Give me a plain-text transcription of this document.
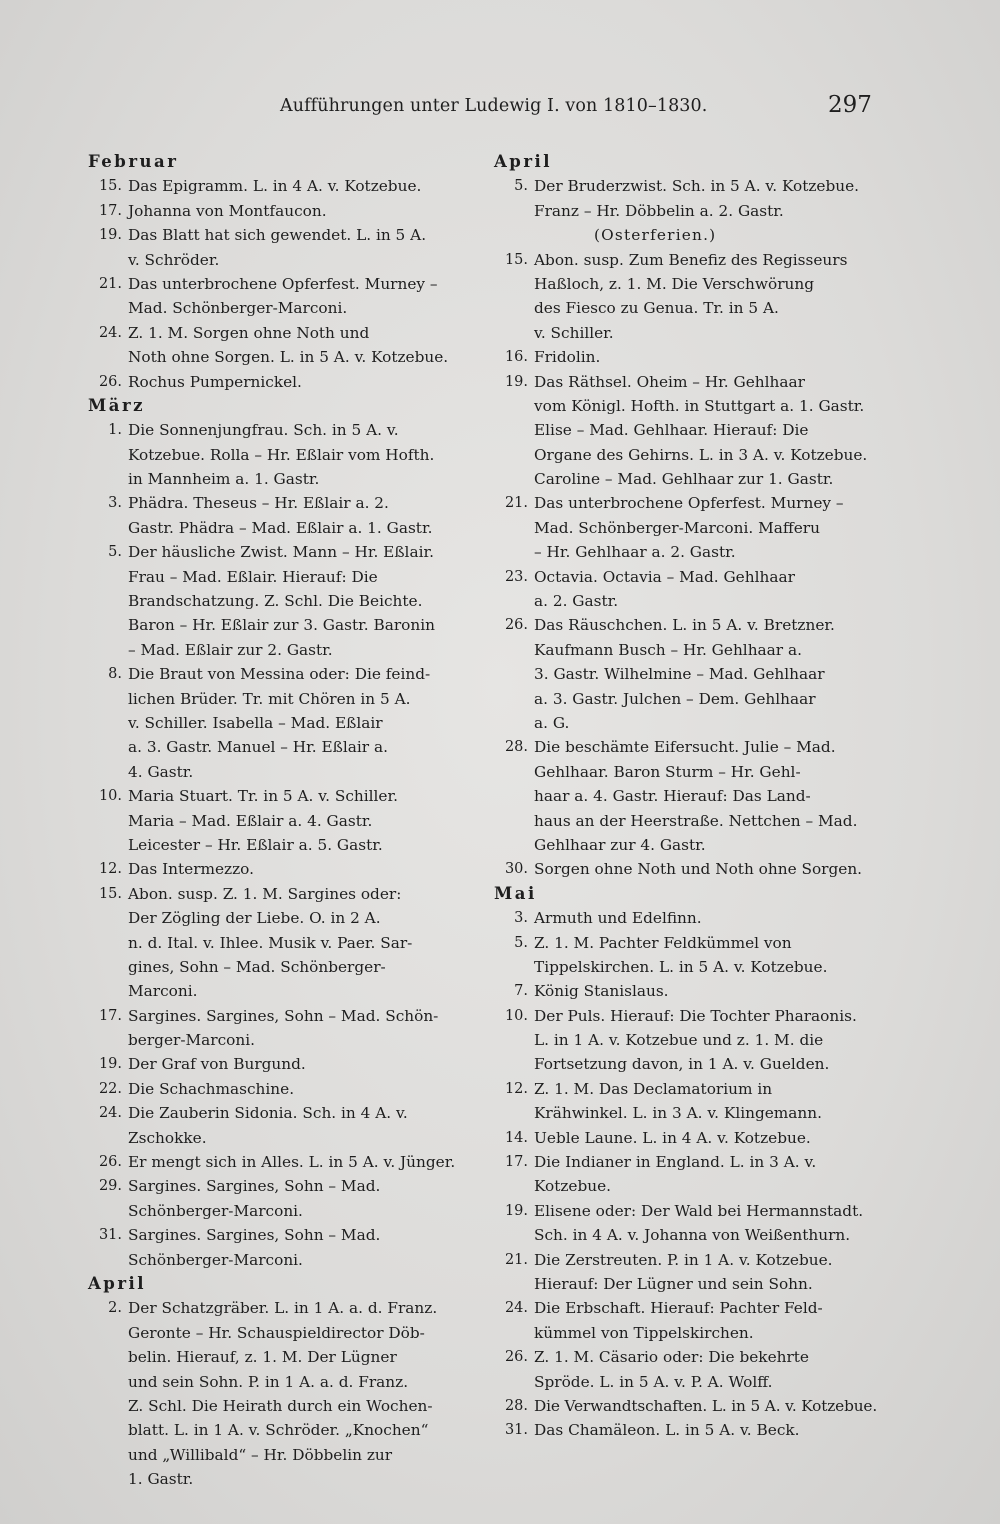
Aufführungen unter Ludewig I. von 1810–1830.	297
Februar
15. Das Epigramm. L. in 4 A. v. Kotzebue.
17. Johanna von Montfaucon.
19. Das Blatt hat sich gewendet. L. in 5 A.
v. Schröder.
21. Das unterbrochene Opferfest. Murney –
Mad. Schönberger-Marconi.
24. Z. 1. M. Sorgen ohne Noth und
Noth ohne Sorgen. L. in 5 A. v. Kotzebue.
26. Rochus Pumpernickel.
März
1. Die Sonnenjungfrau. Sch. in 5 A. v.
Kotzebue. Rolla – Hr. Eßlair vom Hofth.
in Mannheim a. 1. Gastr.
3. Phädra. Theseus – Hr. Eßlair a. 2.
Gastr. Phädra – Mad. Eßlair a. 1. Gastr.
5. Der häusliche Zwist. Mann – Hr. Eßlair.
Frau – Mad. Eßlair. Hierauf: Die
Brandschatzung. Z. Schl. Die Beichte.
Baron – Hr. Eßlair zur 3. Gastr. Baronin
– Mad. Eßlair zur 2. Gastr.
8. Die Braut von Messina oder: Die feind-
lichen Brüder. Tr. mit Chören in 5 A.
v. Schiller. Isabella – Mad. Eßlair
a. 3. Gastr. Manuel – Hr. Eßlair a.
4. Gastr.
10. Maria Stuart. Tr. in 5 A. v. Schiller.
Maria – Mad. Eßlair a. 4. Gastr.
Leicester – Hr. Eßlair a. 5. Gastr.
12. Das Intermezzo.
15. Abon. susp. Z. 1. M. Sargines oder:
Der Zögling der Liebe. O. in 2 A.
n. d. Ital. v. Ihlee. Musik v. Paer. Sar-
gines, Sohn – Mad. Schönberger-
Marconi.
17. Sargines. Sargines, Sohn – Mad. Schön-
berger-Marconi.
19. Der Graf von Burgund.
22. Die Schachmaschine.
24. Die Zauberin Sidonia. Sch. in 4 A. v.
Zschokke.
26. Er mengt sich in Alles. L. in 5 A. v. Jünger.
29. Sargines. Sargines, Sohn – Mad.
Schönberger-Marconi.
31. Sargines. Sargines, Sohn – Mad.
Schönberger-Marconi.
April
2. Der Schatzgräber. L. in 1 A. a. d. Franz.
Geronte – Hr. Schauspieldirector Döb-
belin. Hierauf, z. 1. M. Der Lügner
und sein Sohn. P. in 1 A. a. d. Franz.
Z. Schl. Die Heirath durch ein Wochen-
blatt. L. in 1 A. v. Schröder. „Knochen“
und „Willibald“ – Hr. Döbbelin zur
1. Gastr.
April
5. Der Bruderzwist. Sch. in 5 A. v. Kotzebue.
Franz – Hr. Döbbelin a. 2. Gastr.
(Osterferien.)
15. Abon. susp. Zum Benefiz des Regisseurs
Haßloch, z. 1. M. Die Verschwörung
des Fiesco zu Genua. Tr. in 5 A.
v. Schiller.
16. Fridolin.
19. Das Räthsel. Oheim – Hr. Gehlhaar
vom Königl. Hofth. in Stuttgart a. 1. Gastr.
Elise – Mad. Gehlhaar. Hierauf: Die
Organe des Gehirns. L. in 3 A. v. Kotzebue.
Caroline – Mad. Gehlhaar zur 1. Gastr.
21. Das unterbrochene Opferfest. Murney –
Mad. Schönberger-Marconi. Mafferu
– Hr. Gehlhaar a. 2. Gastr.
23. Octavia. Octavia – Mad. Gehlhaar
a. 2. Gastr.
26. Das Räuschchen. L. in 5 A. v. Bretzner.
Kaufmann Busch – Hr. Gehlhaar a.
3. Gastr. Wilhelmine – Mad. Gehlhaar
a. 3. Gastr. Julchen – Dem. Gehlhaar
a. G.
28. Die beschämte Eifersucht. Julie – Mad.
Gehlhaar. Baron Sturm – Hr. Gehl-
haar a. 4. Gastr. Hierauf: Das Land-
haus an der Heerstraße. Nettchen – Mad.
Gehlhaar zur 4. Gastr.
30. Sorgen ohne Noth und Noth ohne Sorgen.
Mai
3. Armuth und Edelfinn.
5. Z. 1. M. Pachter Feldkümmel von
Tippelskirchen. L. in 5 A. v. Kotzebue.
7. König Stanislaus.
10. Der Puls. Hierauf: Die Tochter Pharaonis.
L. in 1 A. v. Kotzebue und z. 1. M. die
Fortsetzung davon, in 1 A. v. Guelden.
12. Z. 1. M. Das Declamatorium in
Krähwinkel. L. in 3 A. v. Klingemann.
14. Ueble Laune. L. in 4 A. v. Kotzebue.
17. Die Indianer in England. L. in 3 A. v.
Kotzebue.
19. Elisene oder: Der Wald bei Hermannstadt.
Sch. in 4 A. v. Johanna von Weißenthurn.
21. Die Zerstreuten. P. in 1 A. v. Kotzebue.
Hierauf: Der Lügner und sein Sohn.
24. Die Erbschaft. Hierauf: Pachter Feld-
kümmel von Tippelskirchen.
26. Z. 1. M. Cäsario oder: Die bekehrte
Spröde. L. in 5 A. v. P. A. Wolff.
28. Die Verwandtschaften. L. in 5 A. v. Kotzebue.
31. Das Chamäleon. L. in 5 A. v. Beck.
